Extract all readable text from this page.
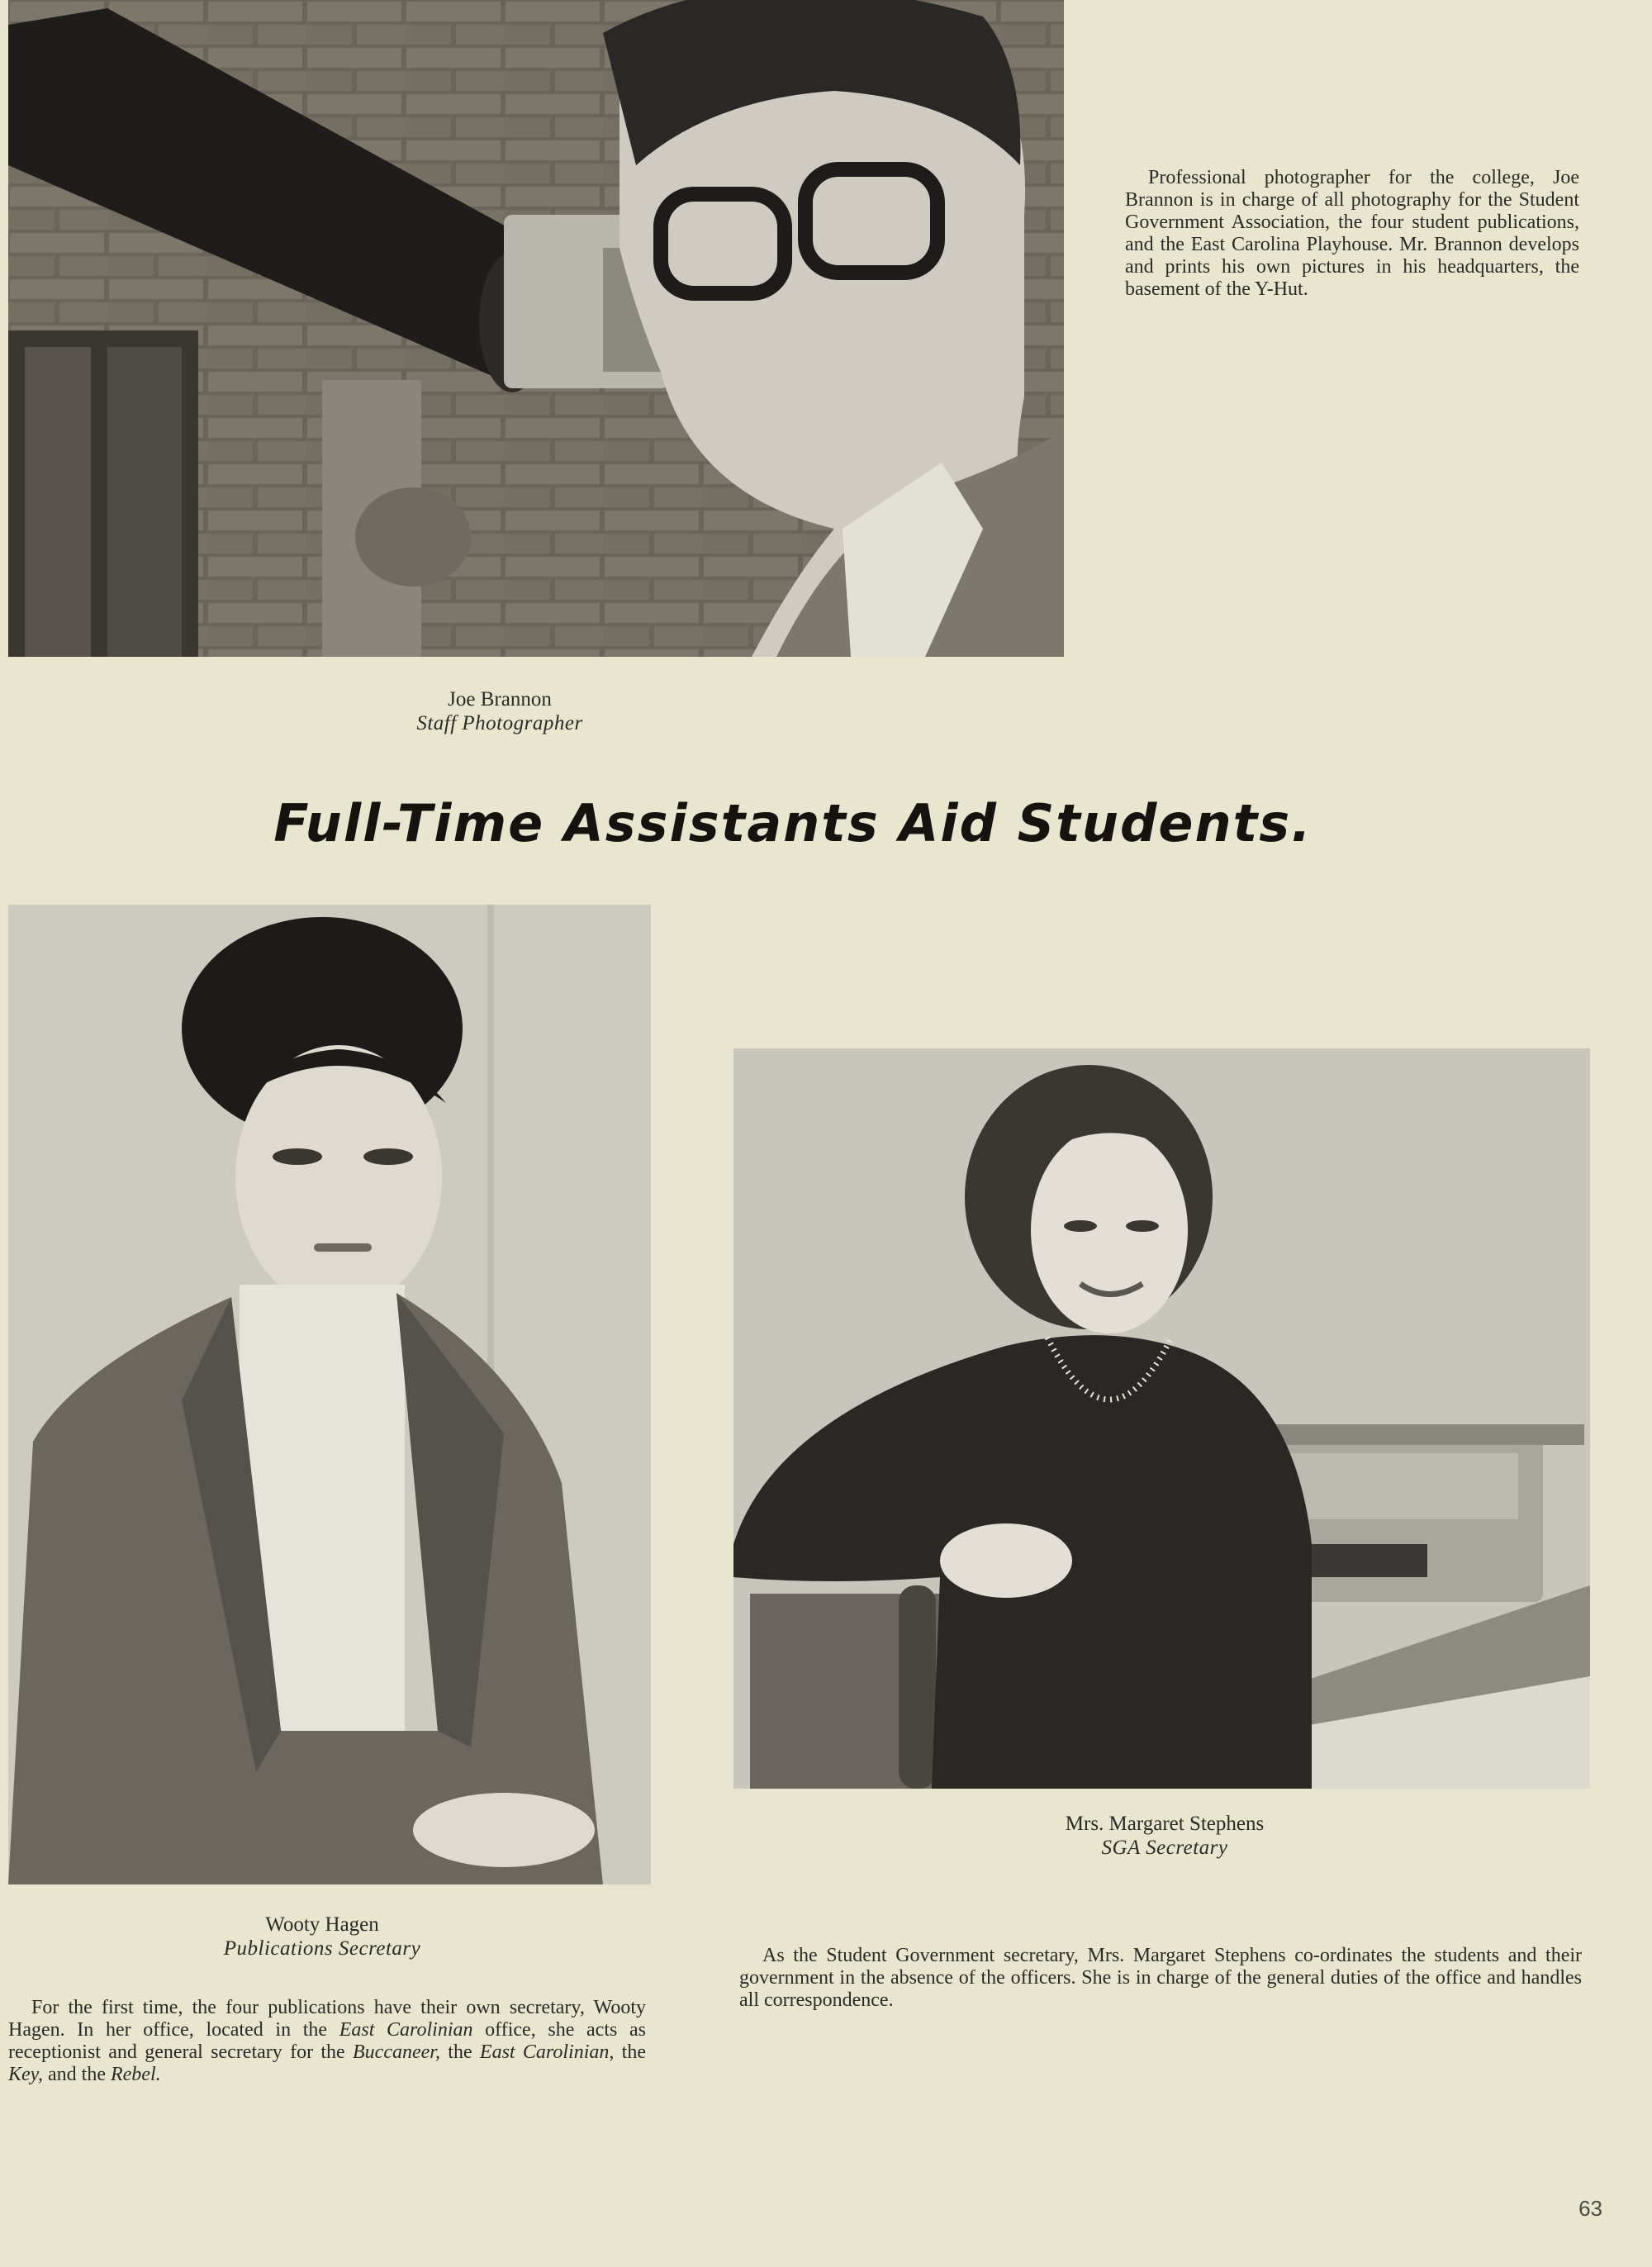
Joe Brannon
Staff Photographer

Professional photographer for the college, Joe Brannon is in charge of all photography for the Student Government Association, the four student publications, and the East Carolina Playhouse. Mr. Brannon develops and prints his own pictures in his headquarters, the basement of the Y-Hut.

Full-Time Assistants Aid Students.
Wooty Hagen
Publications Secretary

For the first time, the four publications have their own secretary, Wooty Hagen. In her office, located in the East Carolinian office, she acts as receptionist and general secretary for the Buccaneer, the East Carolinian, the Key, and the Rebel.

Mrs. Margaret Stephens
SGA Secretary

As the Student Government secretary, Mrs. Margaret Stephens co-ordinates the students and their government in the absence of the officers. She is in charge of the general duties of the office and handles all correspondence.

63
